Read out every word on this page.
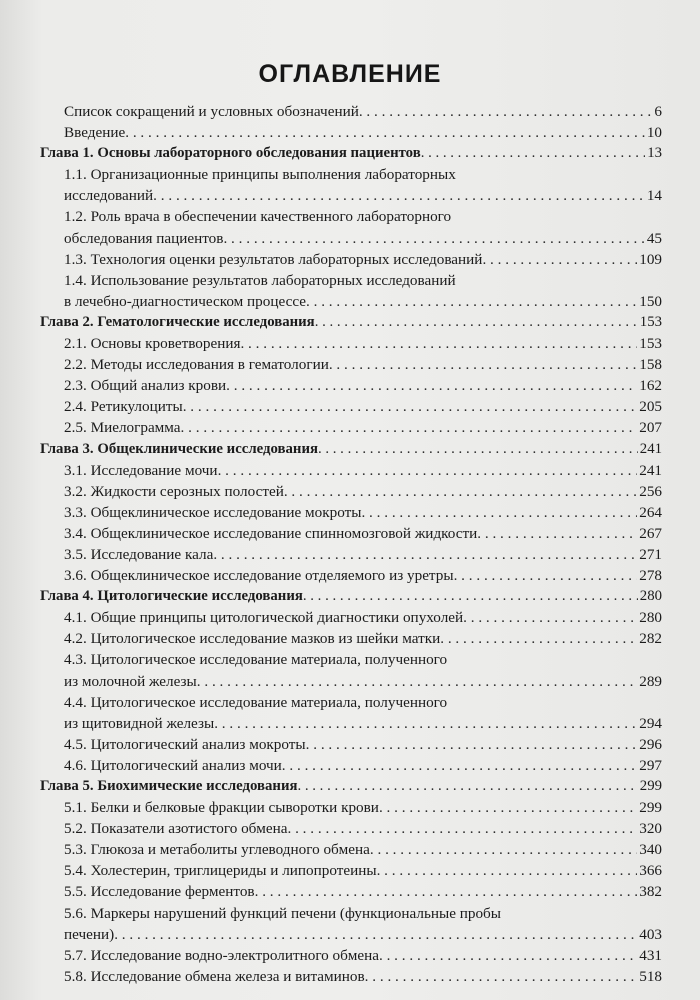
ОГЛАВЛЕНИЕ
Список сокращений и условных обозначений . . .	6
Введение . . .	10
Глава 1. Основы лабораторного обследования пациентов . . .	13
1.1. Организационные принципы выполнения лабораторных
исследований . . .	14
1.2. Роль врача в обеспечении качественного лабораторного
обследования пациентов . . .	45
1.3. Технология оценки результатов лабораторных исследований . . .	109
1.4. Использование результатов лабораторных исследований
в лечебно-диагностическом процессе . . .	150
Глава 2. Гематологические исследования . . .	153
2.1. Основы кроветворения . . .	153
2.2. Методы исследования в гематологии . . .	158
2.3. Общий анализ крови . . .	162
2.4. Ретикулоциты . . .	205
2.5. Миелограмма . . .	207
Глава 3. Общеклинические исследования . . .	241
3.1. Исследование мочи . . .	241
3.2. Жидкости серозных полостей . . .	256
3.3. Общеклиническое исследование мокроты . . .	264
3.4. Общеклиническое исследование спинномозговой жидкости . . .	267
3.5. Исследование кала . . .	271
3.6. Общеклиническое исследование отделяемого из уретры . . .	278
Глава 4. Цитологические исследования . . .	280
4.1. Общие принципы цитологической диагностики опухолей . . .	280
4.2. Цитологическое исследование мазков из шейки матки . . .	282
4.3. Цитологическое исследование материала, полученного
из молочной железы . . .	289
4.4. Цитологическое исследование материала, полученного
из щитовидной железы . . .	294
4.5. Цитологический анализ мокроты . . .	296
4.6. Цитологический анализ мочи . . .	297
Глава 5. Биохимические исследования . . .	299
5.1. Белки и белковые фракции сыворотки крови . . .	299
5.2. Показатели азотистого обмена . . .	320
5.3. Глюкоза и метаболиты углеводного обмена . . .	340
5.4. Холестерин, триглицериды и липопротеины . . .	366
5.5. Исследование ферментов . . .	382
5.6. Маркеры нарушений функций печени (функциональные пробы
печени) . . .	403
5.7. Исследование водно-электролитного обмена . . .	431
5.8. Исследование обмена железа и витаминов . . .	518
